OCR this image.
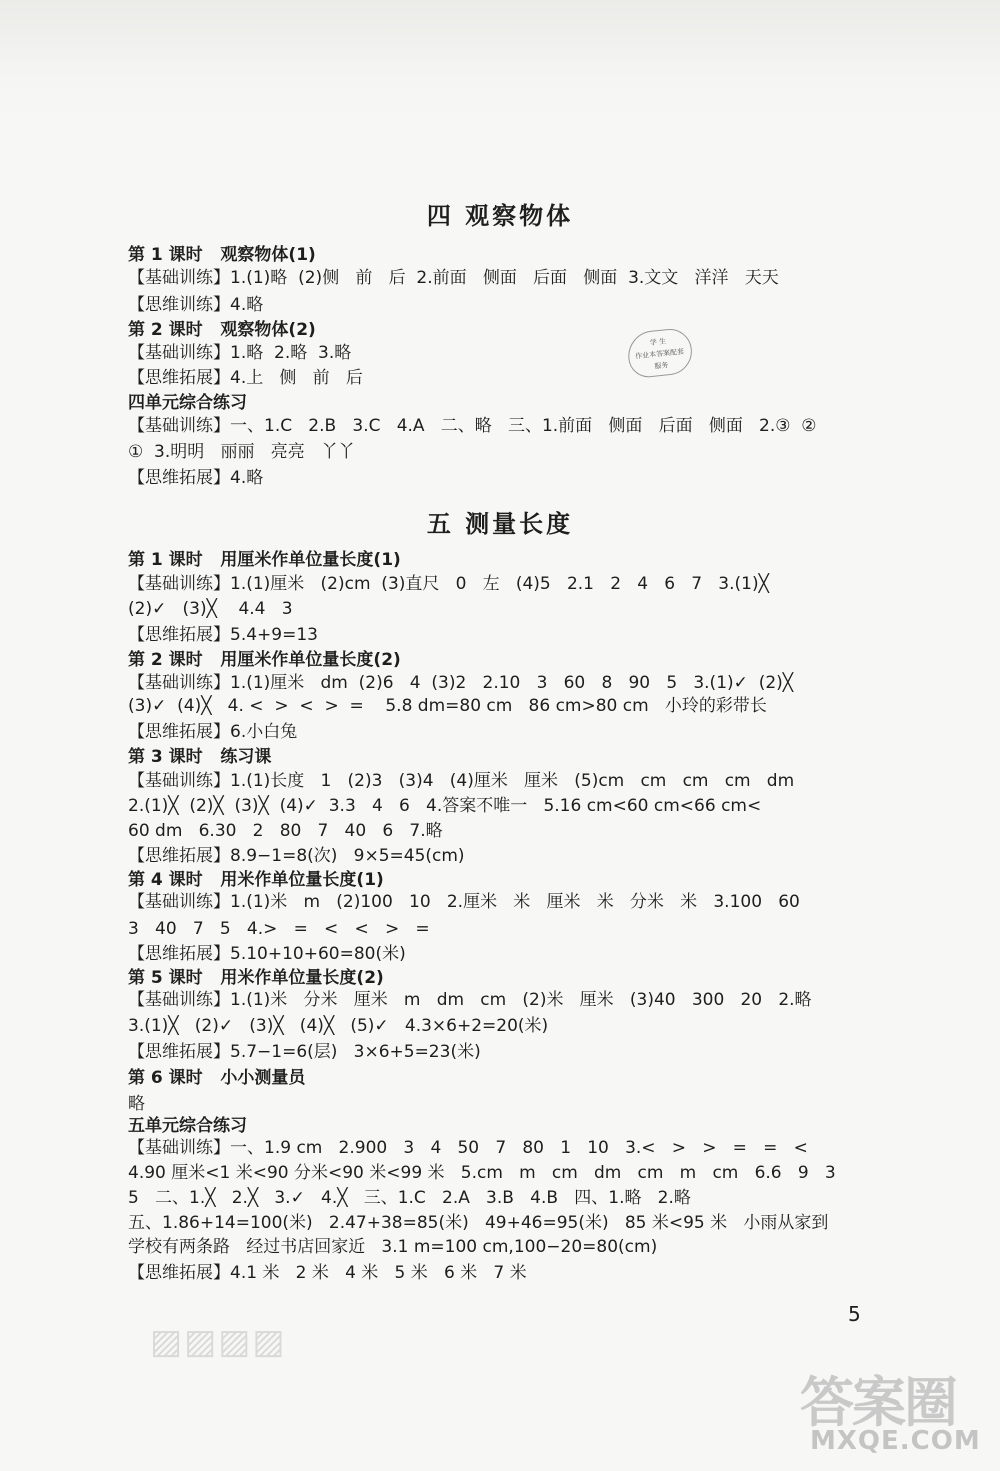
四 观察物体
第 1 课时   观察物体(1)
【基础训练】1.(1)略  (2)侧   前   后  2.前面   侧面   后面   侧面  3.文文   洋洋   天天
【思维训练】4.略
第 2 课时   观察物体(2)
【基础训练】1.略  2.略  3.略
【思维拓展】4.上   侧   前   后
四单元综合练习
【基础训练】一、1.C   2.B   3.C   4.A   二、略   三、1.前面   侧面   后面   侧面   2.③  ②
①  3.明明   丽丽   亮亮   丫丫
【思维拓展】4.略
学 生
作业本答案配套
服务
五 测量长度
第 1 课时   用厘米作单位量长度(1)
【基础训练】1.(1)厘米   (2)cm  (3)直尺   0   左   (4)5   2.1   2   4   6   7   3.(1)╳
(2)✓   (3)╳    4.4   3
【思维拓展】5.4+9=13
第 2 课时   用厘米作单位量长度(2)
【基础训练】1.(1)厘米   dm  (2)6   4  (3)2   2.10   3   60   8   90   5   3.(1)✓  (2)╳
(3)✓  (4)╳   4. <  >  <  >  =    5.8 dm=80 cm   86 cm>80 cm   小玲的彩带长
【思维拓展】6.小白兔
第 3 课时   练习课
【基础训练】1.(1)长度   1   (2)3   (3)4   (4)厘米   厘米   (5)cm   cm   cm   cm   dm
2.(1)╳  (2)╳  (3)╳  (4)✓  3.3   4   6   4.答案不唯一   5.16 cm<60 cm<66 cm<
60 dm   6.30   2   80   7   40   6   7.略
【思维拓展】8.9−1=8(次)   9×5=45(cm)
第 4 课时   用米作单位量长度(1)
【基础训练】1.(1)米   m   (2)100   10   2.厘米   米   厘米   米   分米   米   3.100   60
3   40   7   5   4.>   =   <   <   >   =
【思维拓展】5.10+10+60=80(米)
第 5 课时   用米作单位量长度(2)
【基础训练】1.(1)米   分米   厘米   m   dm   cm   (2)米   厘米   (3)40   300   20   2.略
3.(1)╳   (2)✓   (3)╳   (4)╳   (5)✓   4.3×6+2=20(米)
【思维拓展】5.7−1=6(层)   3×6+5=23(米)
第 6 课时   小小测量员
略
五单元综合练习
【基础训练】一、1.9 cm   2.900   3   4   50   7   80   1   10   3.<   >   >   =   =   <
4.90 厘米<1 米<90 分米<90 米<99 米   5.cm   m   cm   dm   cm   m   cm   6.6   9   3
5   二、1.╳   2.╳   3.✓   4.╳   三、1.C   2.A   3.B   4.B   四、1.略   2.略
五、1.86+14=100(米)   2.47+38=85(米)   49+46=95(米)   85 米<95 米   小雨从家到
学校有两条路   经过书店回家近   3.1 m=100 cm,100−20=80(cm)
【思维拓展】4.1 米   2 米   4 米   5 米   6 米   7 米
5
▨▨▨▨
答案圈
MXQE.COM
